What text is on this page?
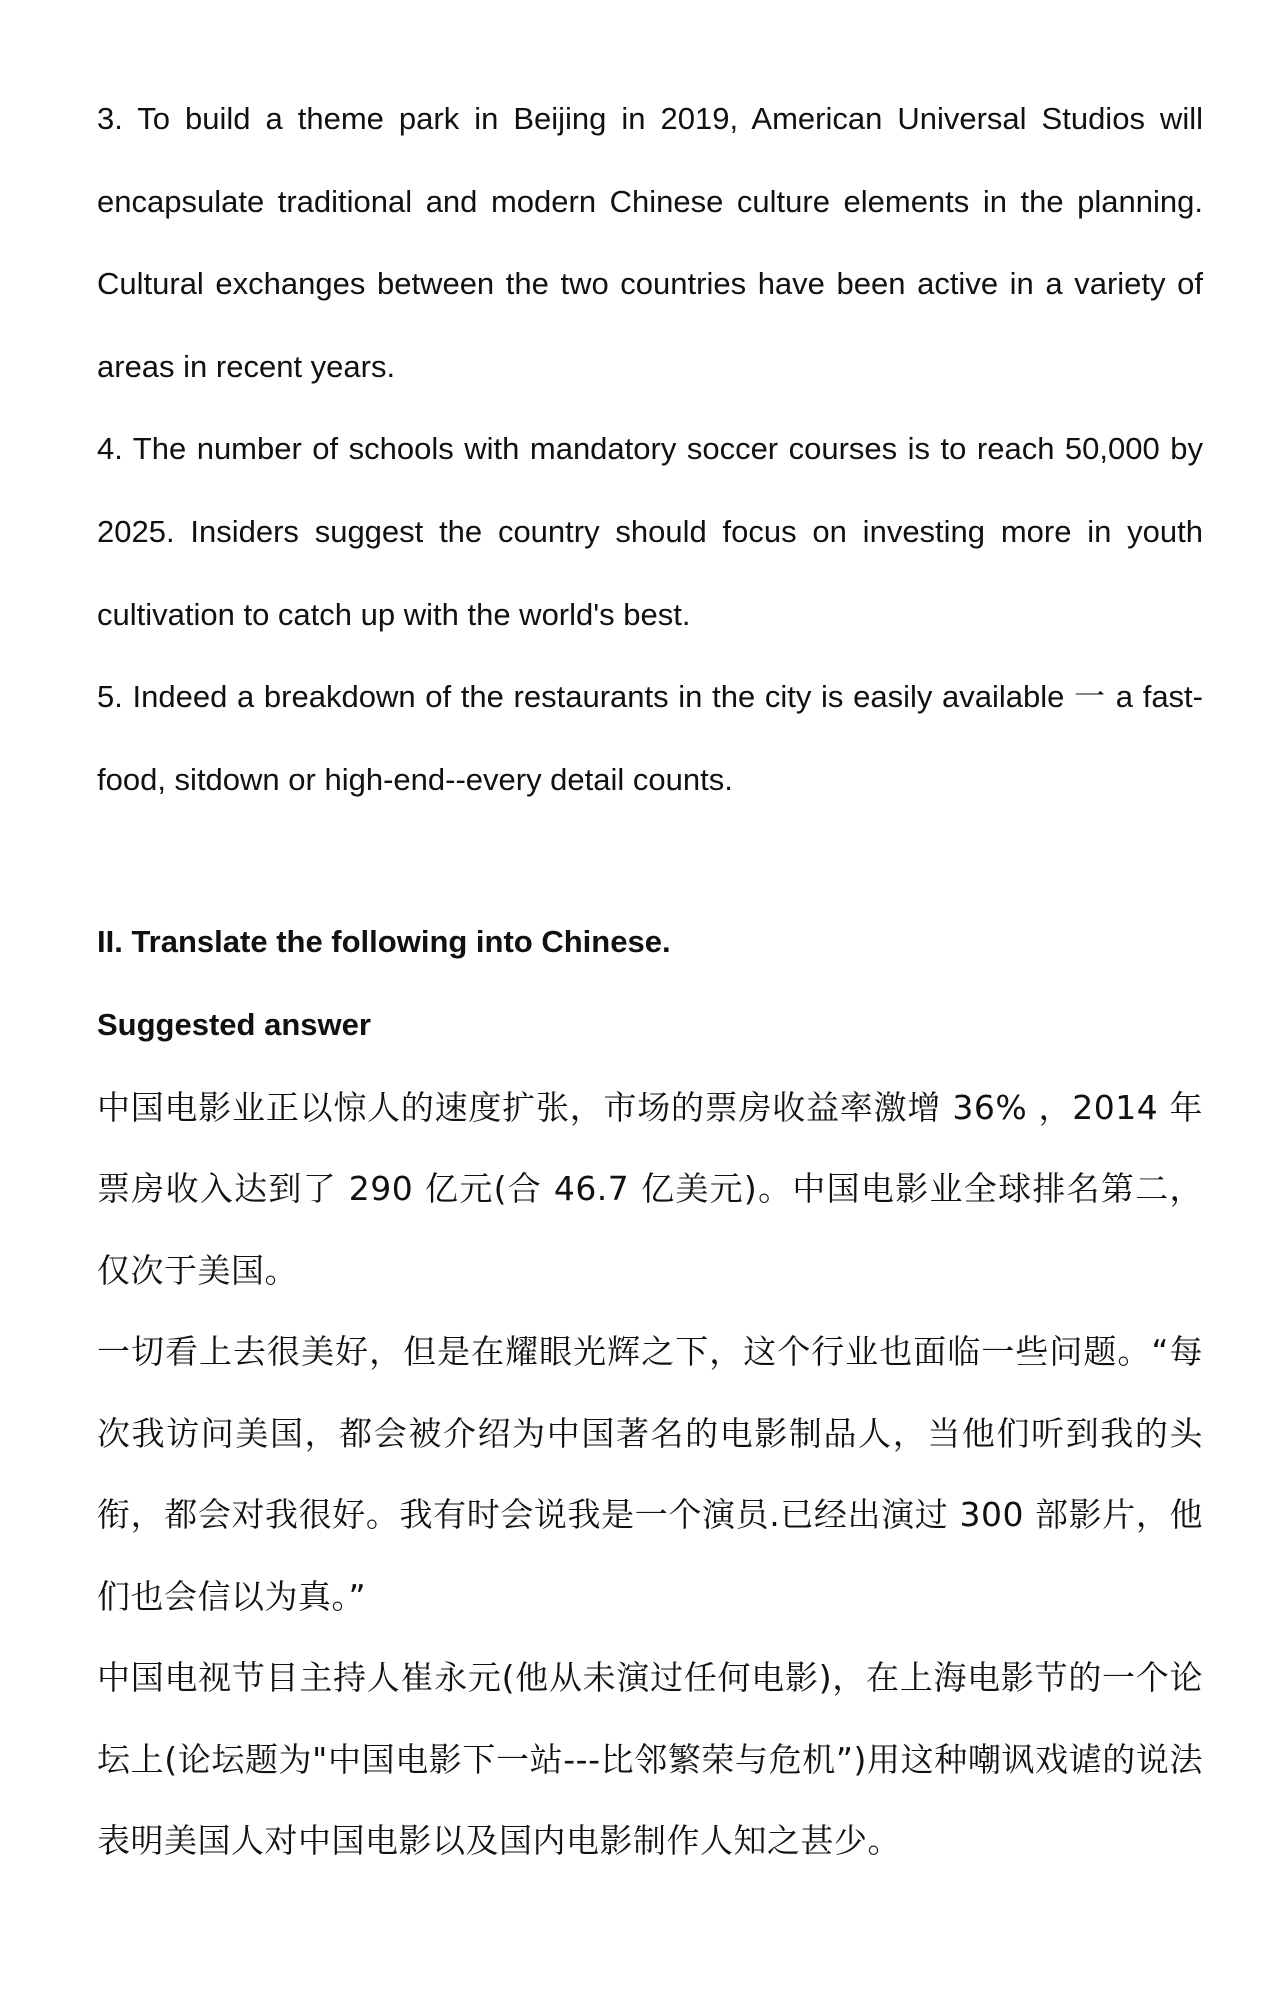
3. To build a theme park in Beijing in 2019, American Universal Studios will encapsulate traditional and modern Chinese culture elements in the planning. Cultural exchanges between the two countries have been active in a variety of areas in recent years.

4. The number of schools with mandatory soccer courses is to reach 50,000 by 2025. Insiders suggest the country should focus on investing more in youth cultivation to catch up with the world's best.

5. Indeed a breakdown of the restaurants in the city is easily available 一 a fast-food, sitdown or high-end--every detail counts.

II. Translate the following into Chinese.

Suggested answer

中国电影业正以惊人的速度扩张，市场的票房收益率激增 36% ，2014 年票房收入达到了 290 亿元(合 46.7 亿美元)。中国电影业全球排名第二，仅次于美国。

一切看上去很美好，但是在耀眼光辉之下，这个行业也面临一些问题。“每次我访问美国，都会被介绍为中国著名的电影制品人，当他们听到我的头衔，都会对我很好。我有时会说我是一个演员.已经出演过 300 部影片，他们也会信以为真。”

中国电视节目主持人崔永元(他从未演过任何电影)，在上海电影节的一个论坛上(论坛题为"中国电影下一站---比邻繁荣与危机”)用这种嘲讽戏谑的说法表明美国人对中国电影以及国内电影制作人知之甚少。
